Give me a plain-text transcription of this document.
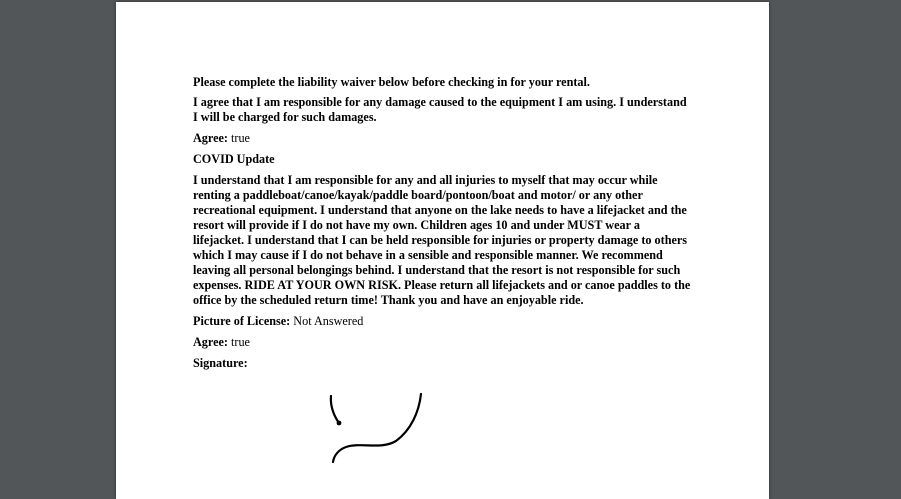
Please complete the liability waiver below before checking in for your rental.

I agree that I am responsible for any damage caused to the equipment I am using. I understand I will be charged for such damages.

Agree: true

COVID Update

I understand that I am responsible for any and all injuries to myself that may occur while renting a paddleboat/canoe/kayak/paddle board/pontoon/boat and motor/ or any other recreational equipment. I understand that anyone on the lake needs to have a lifejacket and the resort will provide if I do not have my own. Children ages 10 and under MUST wear a lifejacket. I understand that I can be held responsible for injuries or property damage to others which I may cause if I do not behave in a sensible and responsible manner. We recommend leaving all personal belongings behind. I understand that the resort is not responsible for such expenses. RIDE AT YOUR OWN RISK. Please return all lifejackets and or canoe paddles to the office by the scheduled return time! Thank you and have an enjoyable ride.

Picture of License: Not Answered

Agree: true

Signature:
